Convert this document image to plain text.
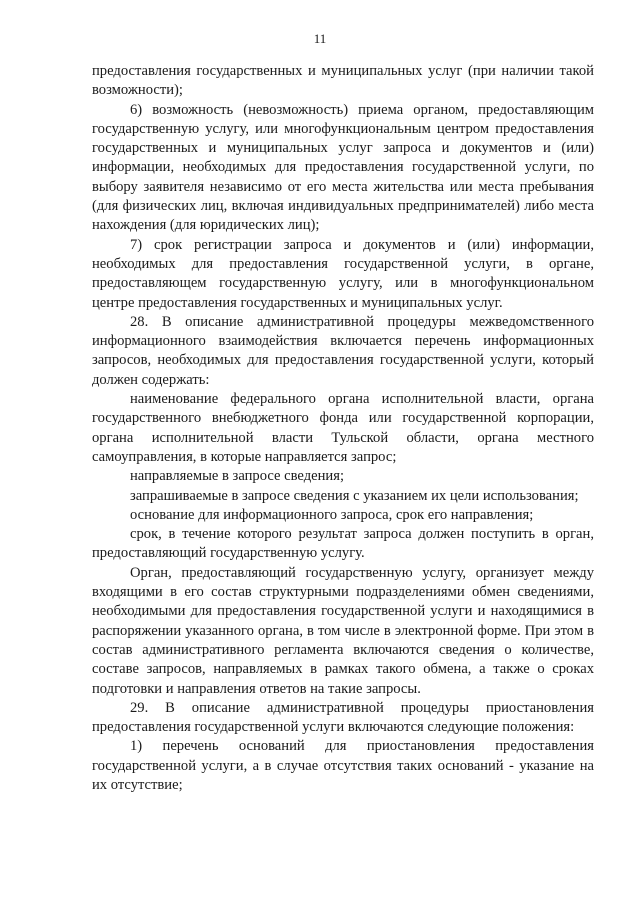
11

предоставления государственных и муниципальных услуг (при наличии такой возможности);

6) возможность (невозможность) приема органом, предоставляющим государственную услугу, или многофункциональным центром предоставления государственных и муниципальных услуг запроса и документов и (или) информации, необходимых для предоставления государственной услуги, по выбору заявителя независимо от его места жительства или места пребывания (для физических лиц, включая индивидуальных предпринимателей) либо места нахождения (для юридических лиц);

7) срок регистрации запроса и документов и (или) информации, необходимых для предоставления государственной услуги, в органе, предоставляющем государственную услугу, или в многофункциональном центре предоставления государственных и муниципальных услуг.

28. В описание административной процедуры межведомственного информационного взаимодействия включается перечень информационных запросов, необходимых для предоставления государственной услуги, который должен содержать:

наименование федерального органа исполнительной власти, органа государственного внебюджетного фонда или государственной корпорации, органа исполнительной власти Тульской области, органа местного самоуправления, в которые направляется запрос;

направляемые в запросе сведения;

запрашиваемые в запросе сведения с указанием их цели использования;

основание для информационного запроса, срок его направления;

срок, в течение которого результат запроса должен поступить в орган, предоставляющий государственную услугу.

Орган, предоставляющий государственную услугу, организует между входящими в его состав структурными подразделениями обмен сведениями, необходимыми для предоставления государственной услуги и находящимися в распоряжении указанного органа, в том числе в электронной форме. При этом в состав административного регламента включаются сведения о количестве, составе запросов, направляемых в рамках такого обмена, а также о сроках подготовки и направления ответов на такие запросы.

29. В описание административной процедуры приостановления предоставления государственной услуги включаются следующие положения:

1) перечень оснований для приостановления предоставления государственной услуги, а в случае отсутствия таких оснований - указание на их отсутствие;
